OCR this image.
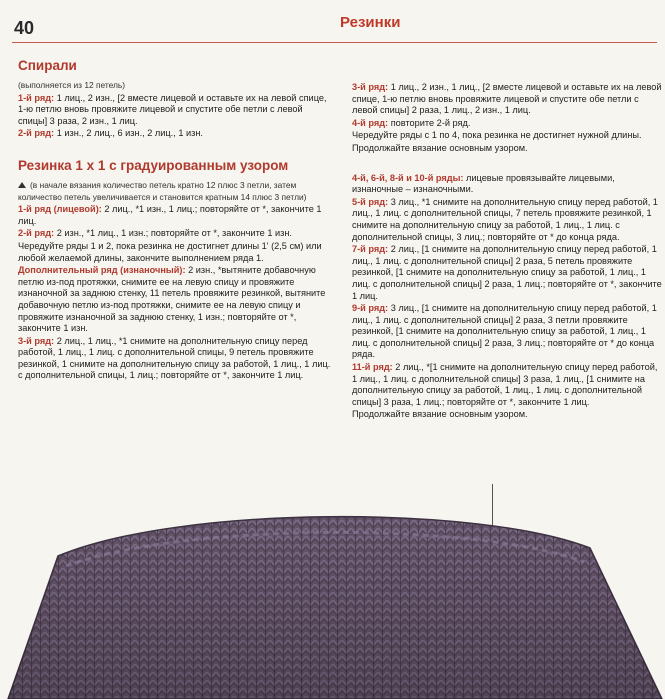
40	Резинки
Спирали

(выполняется из 12 петель)

1-й ряд: 1 лиц., 2 изн., [2 вместе лицевой и оставьте их на левой спице, 1-ю петлю вновь провяжите лицевой и спустите обе петли с левой спицы] 3 раза, 2 изн., 1 лиц.

2-й ряд: 1 изн., 2 лиц., 6 изн., 2 лиц., 1 изн.

Резинка 1 х 1 с градуированным узором

(в начале вязания количество петель кратно 12 плюс 3 петли, затем количество петель увеличивается и становится кратным 14 плюс 3 петли)

1-й ряд (лицевой): 2 лиц., *1 изн., 1 лиц.; повторяйте от *, закончите 1 лиц.

2-й ряд: 2 изн., *1 лиц., 1 изн.; повторяйте от *, закончите 1 изн.

Чередуйте ряды 1 и 2, пока резинка не достигнет длины 1' (2,5 см) или любой желаемой длины, закончите выполнением ряда 1.

Дополнительный ряд (изнаночный): 2 изн., *вытяните добавочную петлю из-под протяжки, снимите ее на левую спицу и провяжите изнаночной за заднюю стенку, 11 петель провяжите резинкой, вытяните добавочную петлю из-под протяжки, снимите ее на левую спицу и провяжите изнаночной за заднюю стенку, 1 изн.; повторяйте от *, закончите 1 изн.

3-й ряд: 2 лиц., 1 лиц., *1 снимите на дополнительную спицу перед работой, 1 лиц., 1 лиц. с дополнительной спицы, 9 петель провяжите резинкой, 1 снимите на дополнительную спицу за работой, 1 лиц., 1 лиц. с дополнительной спицы, 1 лиц.; повторяйте от *, закончите 1 лиц.

3-й ряд: 1 лиц., 2 изн., 1 лиц., [2 вместе лицевой и оставьте их на левой спице, 1-ю петлю вновь провяжите лицевой и спустите обе петли с левой спицы] 2 раза, 1 лиц., 2 изн., 1 лиц.

4-й ряд: повторите 2-й ряд.

Чередуйте ряды с 1 по 4, пока резинка не достигнет нужной длины.

Продолжайте вязание основным узором.

4-й, 6-й, 8-й и 10-й ряды: лицевые провязывайте лицевыми, изнаночные – изнаночными.

5-й ряд: 3 лиц., *1 снимите на дополнительную спицу перед работой, 1 лиц., 1 лиц. с дополнительной спицы, 7 петель провяжите резинкой, 1 снимите на дополнительную спицу за работой, 1 лиц., 1 лиц. с дополнительной спицы, 3 лиц.; повторяйте от * до конца ряда.

7-й ряд: 2 лиц., [1 снимите на дополнительную спицу перед работой, 1 лиц., 1 лиц. с дополнительной спицы] 2 раза, 5 петель провяжите резинкой, [1 снимите на дополнительную спицу за работой, 1 лиц., 1 лиц. с дополнительной спицы] 2 раза, 1 лиц.; повторяйте от *, закончите 1 лиц.

9-й ряд: 3 лиц., [1 снимите на дополнительную спицу перед работой, 1 лиц., 1 лиц. с дополнительной спицы] 2 раза, 3 петли провяжите резинкой, [1 снимите на дополнительную спицу за работой, 1 лиц., 1 лиц. с дополнительной спицы] 2 раза, 3 лиц.; повторяйте от * до конца ряда.

11-й ряд: 2 лиц., *[1 снимите на дополнительную спицу перед работой, 1 лиц., 1 лиц. с дополнительной спицы] 3 раза, 1 лиц., [1 снимите на дополнительную спицу за работой, 1 лиц., 1 лиц. с дополнительной спицы] 3 раза, 1 лиц.; повторяйте от *, закончите 1 лиц.

Продолжайте вязание основным узором.
